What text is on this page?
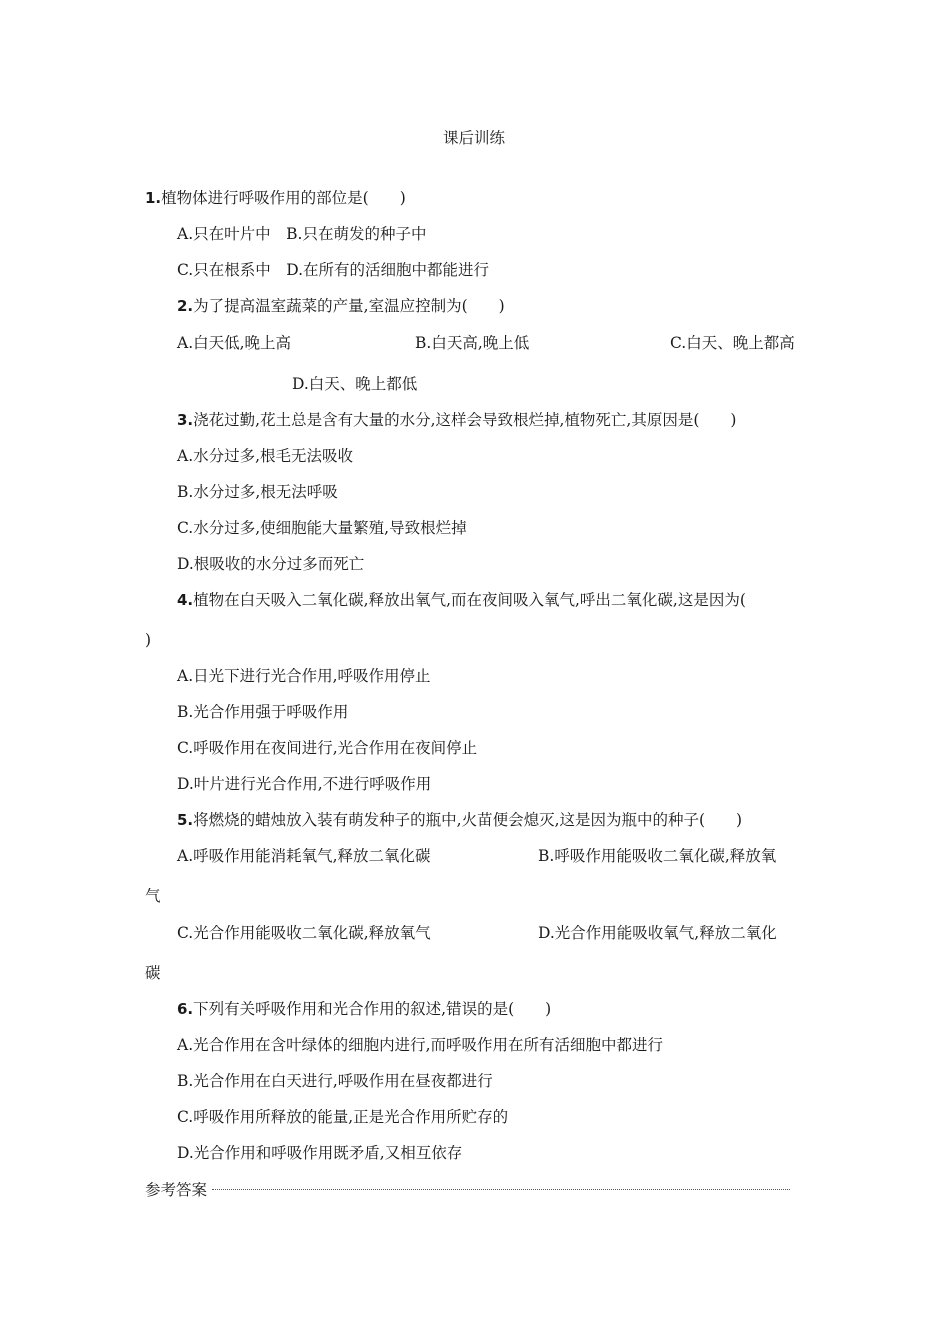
课后训练
1.植物体进行呼吸作用的部位是(　　)
A.只在叶片中　B.只在萌发的种子中
C.只在根系中　D.在所有的活细胞中都能进行
2.为了提高温室蔬菜的产量,室温应控制为(　　)
A.白天低,晚上高	B.白天高,晚上低	C.白天、晚上都高
D.白天、晚上都低
3.浇花过勤,花土总是含有大量的水分,这样会导致根烂掉,植物死亡,其原因是(　　)
A.水分过多,根毛无法吸收
B.水分过多,根无法呼吸
C.水分过多,使细胞能大量繁殖,导致根烂掉
D.根吸收的水分过多而死亡
4.植物在白天吸入二氧化碳,释放出氧气,而在夜间吸入氧气,呼出二氧化碳,这是因为(
)
A.日光下进行光合作用,呼吸作用停止
B.光合作用强于呼吸作用
C.呼吸作用在夜间进行,光合作用在夜间停止
D.叶片进行光合作用,不进行呼吸作用
5.将燃烧的蜡烛放入装有萌发种子的瓶中,火苗便会熄灭,这是因为瓶中的种子(　　)
A.呼吸作用能消耗氧气,释放二氧化碳	B.呼吸作用能吸收二氧化碳,释放氧
气
C.光合作用能吸收二氧化碳,释放氧气	D.光合作用能吸收氧气,释放二氧化
碳
6.下列有关呼吸作用和光合作用的叙述,错误的是(　　)
A.光合作用在含叶绿体的细胞内进行,而呼吸作用在所有活细胞中都进行
B.光合作用在白天进行,呼吸作用在昼夜都进行
C.呼吸作用所释放的能量,正是光合作用所贮存的
D.光合作用和呼吸作用既矛盾,又相互依存
参考答案
